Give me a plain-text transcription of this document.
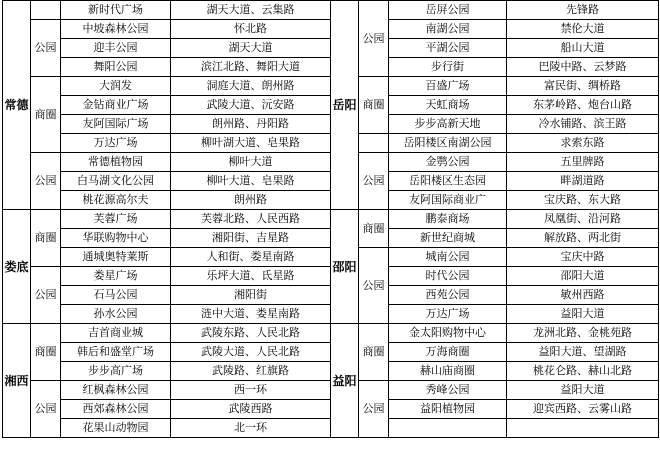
常德		新时代广场	湖天大道、云集路	岳阳	公园	岳屏公园	先锋路
	公园	中坡森林公园	怀北路			南湖公园	禁伦大道
		迎丰公园	湖天大道			平湖公园	船山大道
		舞阳公园	滨江北路、舞阳大道			步行街	巴陵中路、云梦路
	商圈	大润发	洞庭大道、朗州路		商圈	百盛广场	富民街、绸桥路
		金钻商业广场	武陵大道、沅安路			天虹商场	东茅岭路、炮台山路
		友阿国际广场	朗州路、丹阳路			步步高新天地	冷水铺路、滨王路
		万达广场	柳叶湖大道、皂果路			岳阳楼区南湖公园	求索东路
	公园	常德植物园	柳叶大道		公园	金鹗公园	五里牌路
		白马湖文化公园	柳叶大道、皂果路			岳阳楼区生态园	畔湖道路
		桃花源高尔夫	朗州路			友阿国际商业广	宝庆路、东大路
娄底	商圈	芙蓉广场	芙蓉北路、人民西路	邵阳	商圈	鹏泰商场	凤凰街、沿河路
		华联购物中心	湘阳街、吉星路			新世纪商城	解放路、两北街
		通城奥特莱斯	人和街、娄星南路		公园	城南公园	宝庆中路
	公园	娄星广场	乐坪大道、氐星路			时代公园	邵阳大道
		石马公园	湘阳街			西苑公园	敏州西路
		孙水公园	涟中大道、娄星南路			万达广场	益阳大道
湘西	商圈	吉首商业城	武陵东路、人民北路	益阳	商圈	金太阳购物中心	龙洲北路、金桃苑路
		韩后和盛堂广场	武陵大道、人民北路			万海商圈	益阳大道、望湖路
		步步高广场	武陵路、红旗路			赫山庙商圈	桃花仑路、赫山北路
	公园	红枫森林公园	西一环		公园	秀峰公园	益阳大道
		西郊森林公园	武陵西路			益阳植物园	迎宾西路、云雾山路
		花果山动物园	北一环				
